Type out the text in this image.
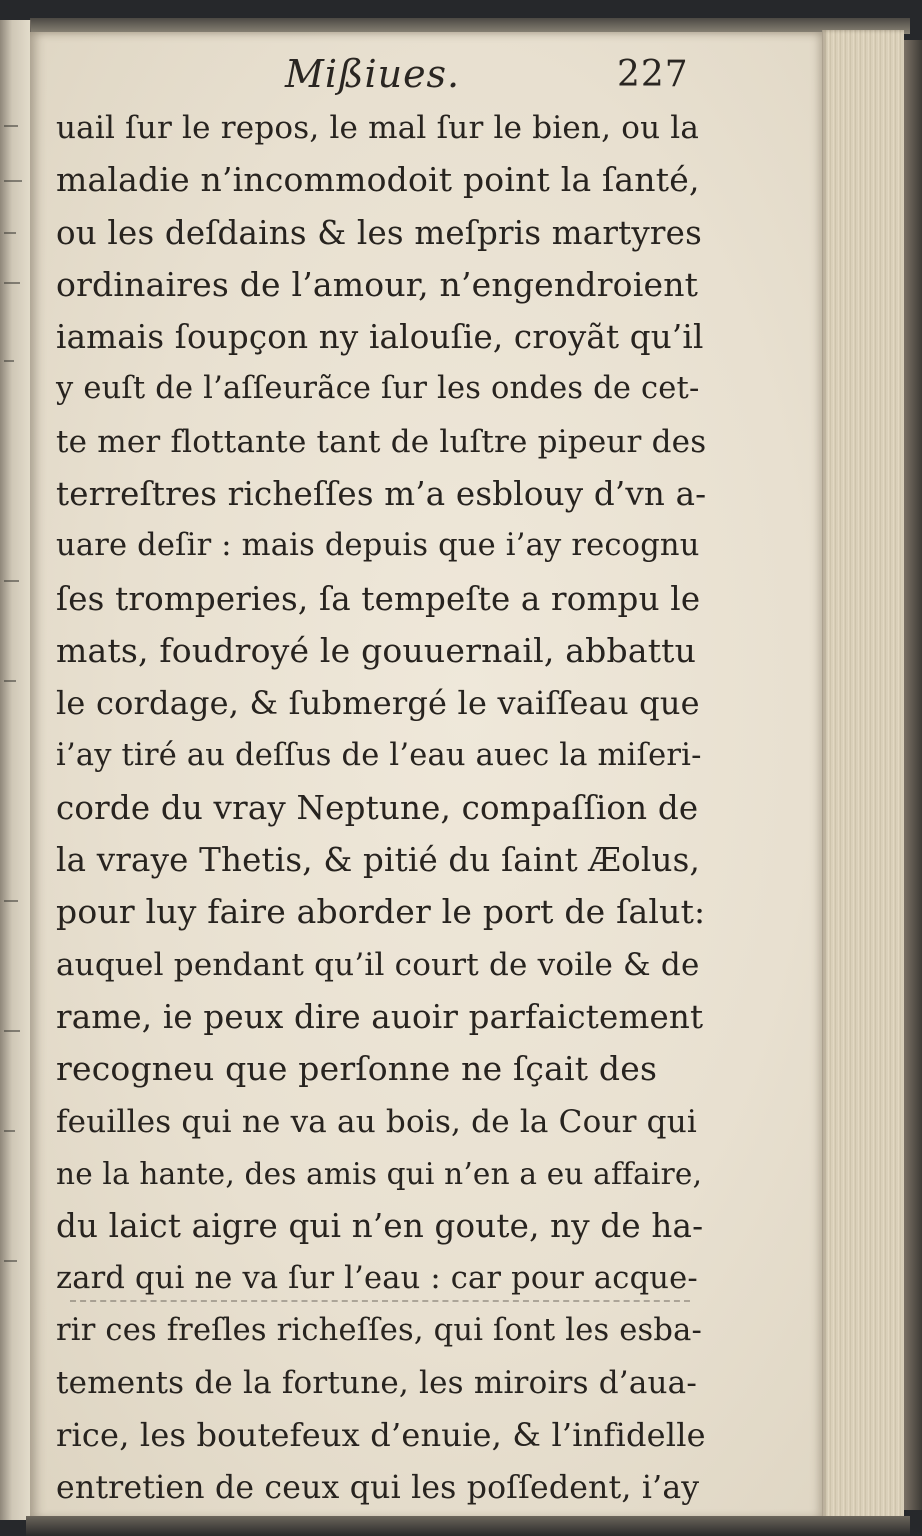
Mißiues.	227
uail ſur le repos, le mal ſur le bien, ou la
maladie n’incommodoit point la ſanté,
ou les deſdains & les meſpris martyres
ordinaires de l’amour, n’engendroient
iamais ſoupçon ny ialouſie, croyãt qu’il
y euſt de l’aſſeurãce ſur les ondes de cet-
te mer flottante tant de luſtre pipeur des
terreſtres richeſſes m’a esblouy d’vn a-
uare deſir : mais depuis que i’ay recognu
ſes tromperies, ſa tempeſte a rompu le
mats, foudroyé le gouuernail, abbattu
le cordage, & ſubmergé le vaiſſeau que
i’ay tiré au deſſus de l’eau auec la miſeri-
corde du vray Neptune, compaſſion de
la vraye Thetis, & pitié du ſaint Æolus,
pour luy faire aborder le port de ſalut:
auquel pendant qu’il court de voile & de
rame, ie peux dire auoir parfaictement
recogneu que perſonne ne ſçait des
feuilles qui ne va au bois, de la Cour qui
ne la hante, des amis qui n’en a eu affaire,
du laict aigre qui n’en goute, ny de ha-
zard qui ne va ſur l’eau : car pour acque-
rir ces freſles richeſſes, qui ſont les esba-
tements de la fortune, les miroirs d’aua-
rice, les boutefeux d’enuie, & l’infidelle
entretien de ceux qui les poſſedent, i’ay
